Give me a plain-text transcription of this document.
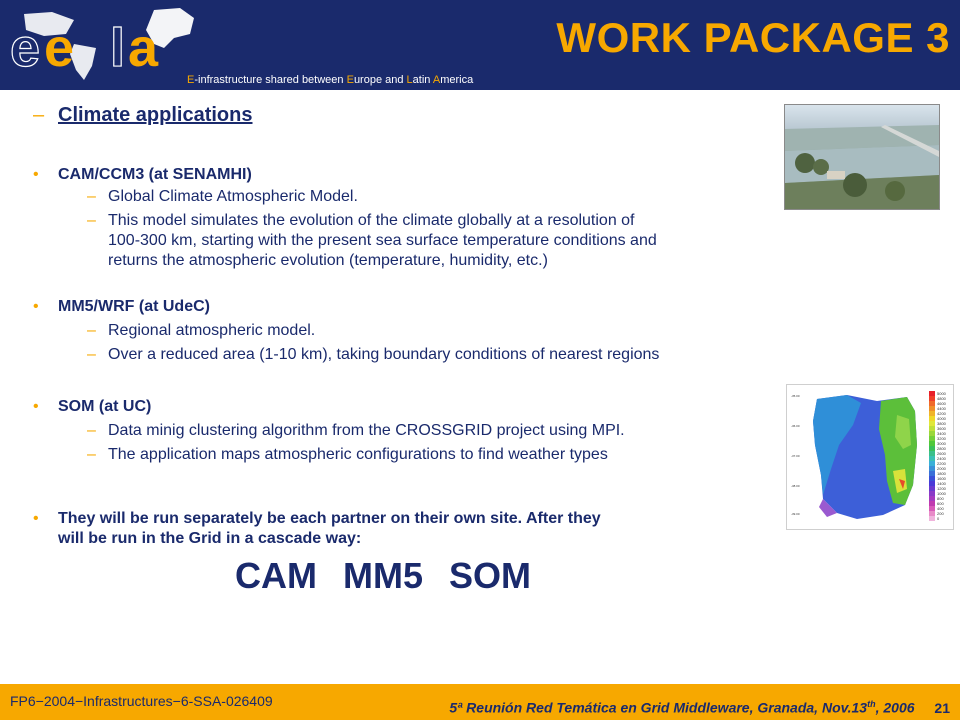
e e l a
E-infrastructure shared between Europe and Latin America
WORK PACKAGE 3
– Climate applications
• CAM/CCM3 (at SENAMHI)
– Global Climate Atmospheric Model.
– This model simulates the evolution of the climate globally at a resolution of
100-300 km, starting with the present sea surface temperature conditions and
returns the atmospheric evolution (temperature, humidity, etc.)
• MM5/WRF (at UdeC)
– Regional atmospheric model.
– Over a reduced area (1-10 km), taking boundary conditions of nearest regions
• SOM (at UC)
– Data minig clustering algorithm from the CROSSGRID project using MPI.
– The application maps atmospheric configurations to find weather types
• They will be run separately be each partner on their own site. After they
will be run in the Grid in a cascade way:
CAM MM5 SOM
-35.00
-36.00
-37.00
-38.00
-39.00
5000
4800
4600
4400
4200
4000
3800
3600
3400
3200
3000
2800
2600
2400
2200
2000
1800
1600
1400
1200
1000
800
600
400
200
0
FP6−2004−Infrastructures−6-SSA-026409	5ª Reunión Red Temática en Grid Middleware, Granada, Nov.13th, 2006 21
